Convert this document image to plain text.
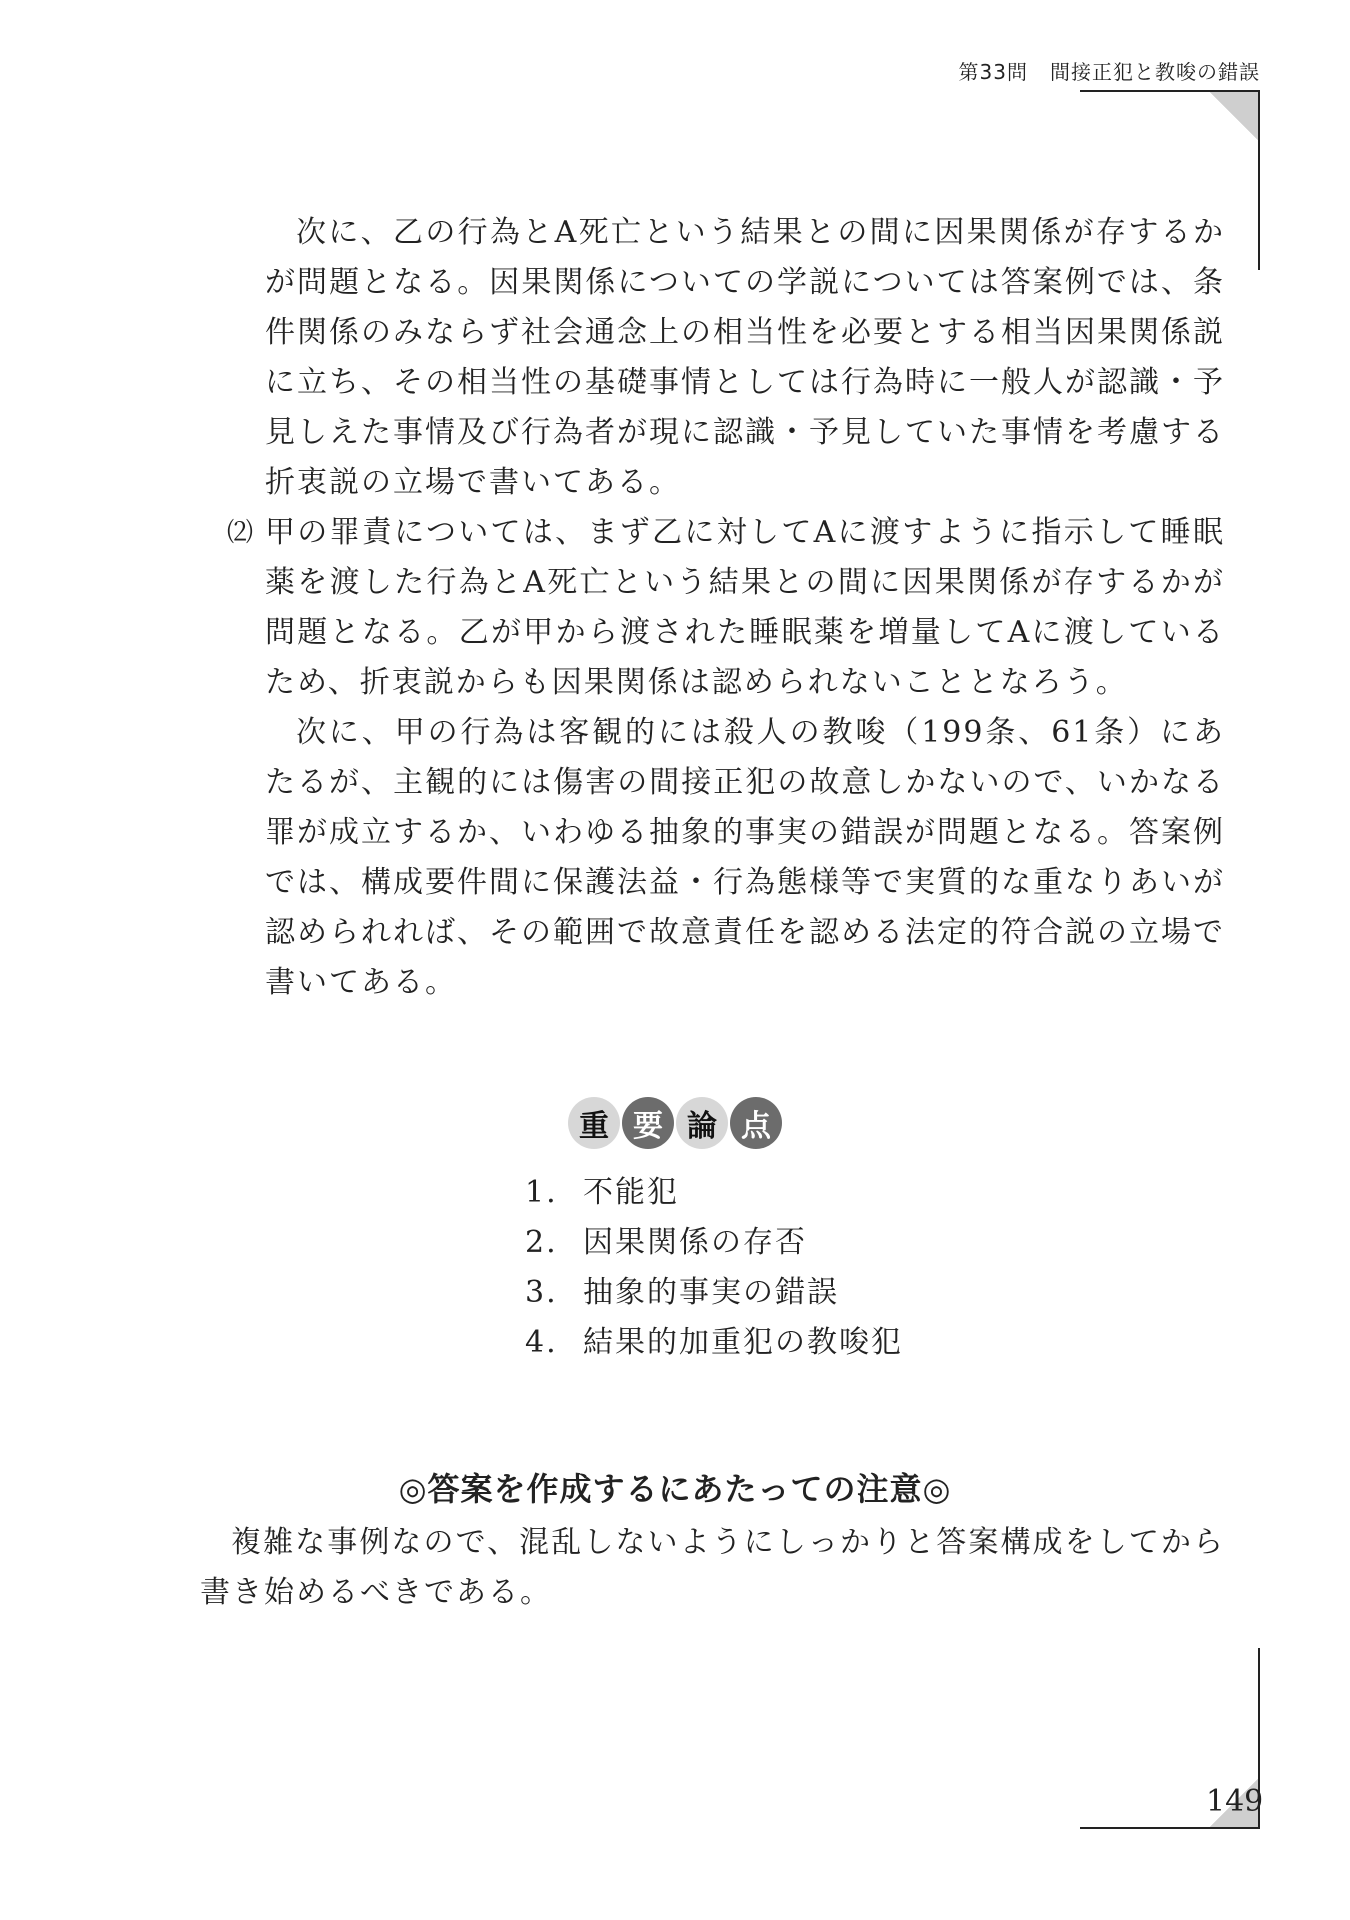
第33問 間接正犯と教唆の錯誤

次に、乙の行為とA死亡という結果との間に因果関係が存するかが問題となる。因果関係についての学説については答案例では、条件関係のみならず社会通念上の相当性を必要とする相当因果関係説に立ち、その相当性の基礎事情としては行為時に一般人が認識・予見しえた事情及び行為者が現に認識・予見していた事情を考慮する折衷説の立場で書いてある。

⑵ 甲の罪責については、まず乙に対してAに渡すように指示して睡眠薬を渡した行為とA死亡という結果との間に因果関係が存するかが問題となる。乙が甲から渡された睡眠薬を増量してAに渡しているため、折衷説からも因果関係は認められないこととなろう。

次に、甲の行為は客観的には殺人の教唆（199条、61条）にあたるが、主観的には傷害の間接正犯の故意しかないので、いかなる罪が成立するか、いわゆる抽象的事実の錯誤が問題となる。答案例では、構成要件間に保護法益・行為態様等で実質的な重なりあいが認められれば、その範囲で故意責任を認める法定的符合説の立場で書いてある。

重 要 論 点
1. 不能犯
2. 因果関係の存否
3. 抽象的事実の錯誤
4. 結果的加重犯の教唆犯
◎答案を作成するにあたっての注意◎

複雑な事例なので、混乱しないようにしっかりと答案構成をしてから書き始めるべきである。

149
